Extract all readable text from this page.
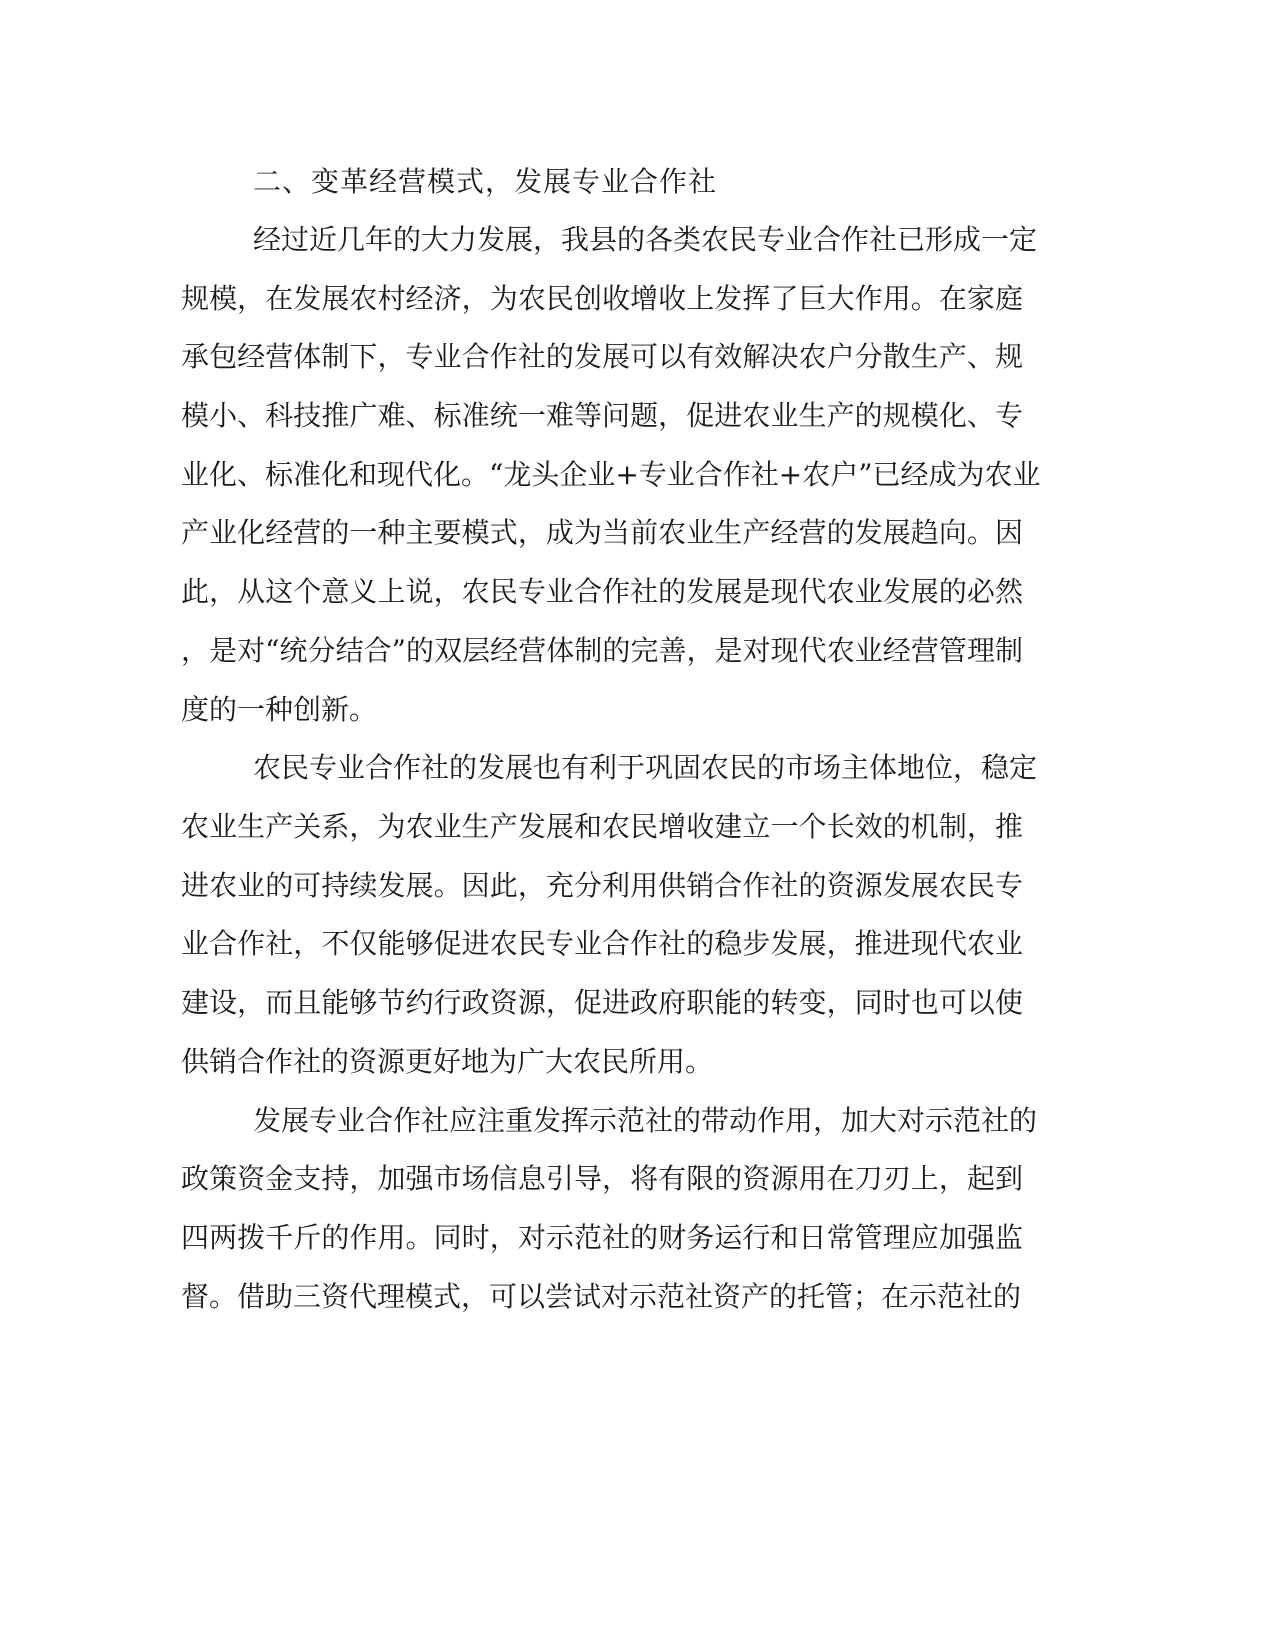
二、变革经营模式，发展专业合作社
经过近几年的大力发展，我县的各类农民专业合作社已形成一定
规模，在发展农村经济，为农民创收增收上发挥了巨大作用。在家庭
承包经营体制下，专业合作社的发展可以有效解决农户分散生产、规
模小、科技推广难、标准统一难等问题，促进农业生产的规模化、专
业化、标准化和现代化。“龙头企业+专业合作社+农户”已经成为农业
产业化经营的一种主要模式，成为当前农业生产经营的发展趋向。因
此，从这个意义上说，农民专业合作社的发展是现代农业发展的必然
，是对“统分结合”的双层经营体制的完善，是对现代农业经营管理制
度的一种创新。
农民专业合作社的发展也有利于巩固农民的市场主体地位，稳定
农业生产关系，为农业生产发展和农民增收建立一个长效的机制，推
进农业的可持续发展。因此，充分利用供销合作社的资源发展农民专
业合作社，不仅能够促进农民专业合作社的稳步发展，推进现代农业
建设，而且能够节约行政资源，促进政府职能的转变，同时也可以使
供销合作社的资源更好地为广大农民所用。
发展专业合作社应注重发挥示范社的带动作用，加大对示范社的
政策资金支持，加强市场信息引导，将有限的资源用在刀刃上，起到
四两拨千斤的作用。同时，对示范社的财务运行和日常管理应加强监
督。借助三资代理模式，可以尝试对示范社资产的托管；在示范社的
